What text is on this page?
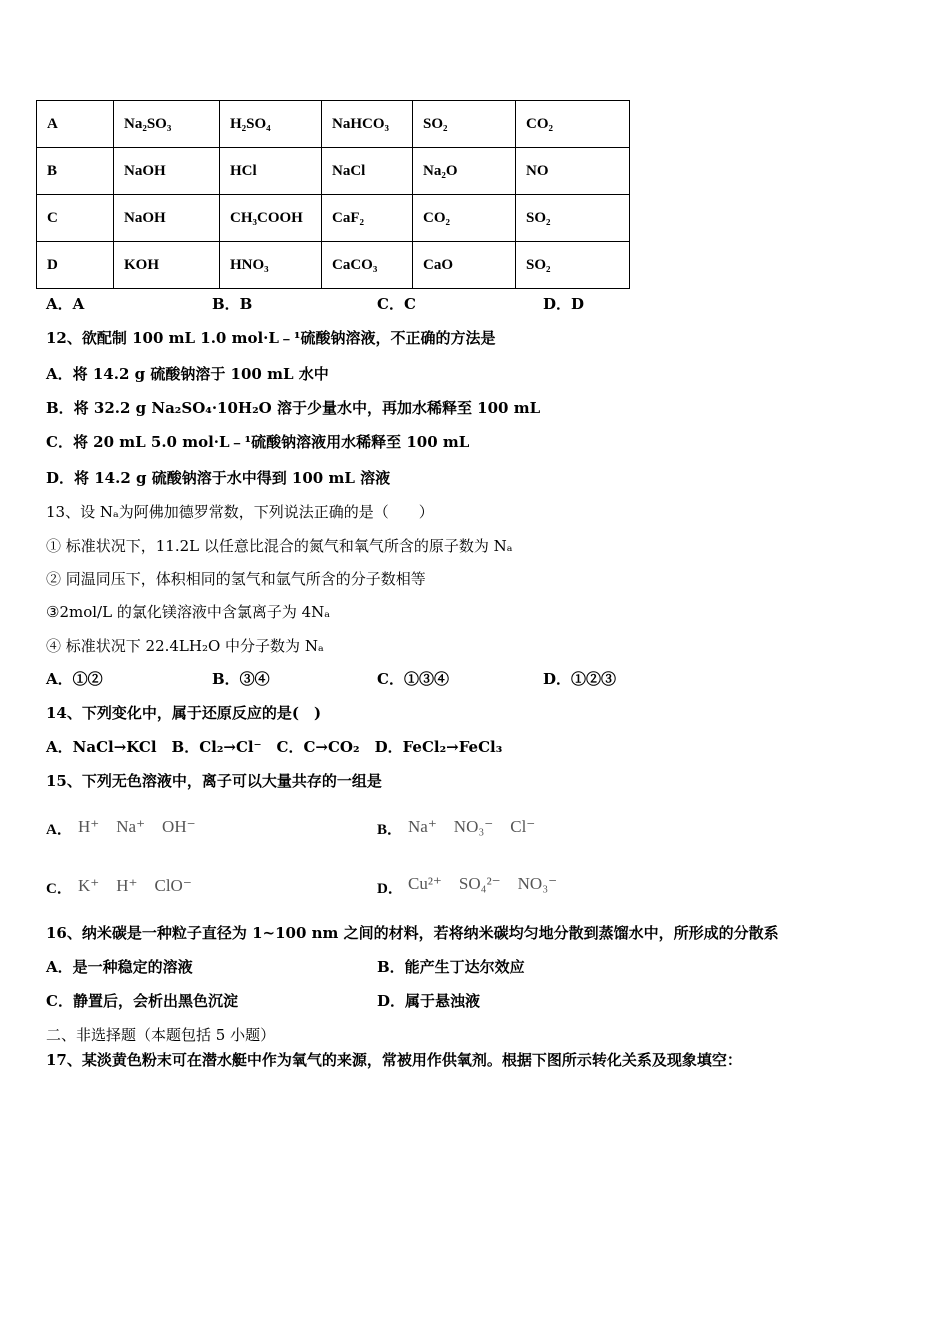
A	Na₂SO₃	H₂SO₄	NaHCO₃	SO₂	CO₂
B	NaOH	HCl	NaCl	Na₂O	NO
C	NaOH	CH₃COOH	CaF₂	CO₂	SO₂
D	KOH	HNO₃	CaCO₃	CaO	SO₂
A．A	B．B	C．C	D．D
12、欲配制 100 mL 1.0 mol·L﹣¹硫酸钠溶液，不正确的方法是
A．将 14.2 g 硫酸钠溶于 100 mL 水中
B．将 32.2 g Na₂SO₄·10H₂O 溶于少量水中，再加水稀释至 100 mL
C．将 20 mL 5.0 mol·L﹣¹硫酸钠溶液用水稀释至 100 mL
D．将 14.2 g 硫酸钠溶于水中得到 100 mL 溶液
13、设 Nₐ为阿佛加德罗常数，下列说法正确的是（　　）
① 标准状况下，11.2L 以任意比混合的氮气和氧气所含的原子数为 Nₐ
② 同温同压下，体积相同的氢气和氩气所含的分子数相等
③2mol/L 的氯化镁溶液中含氯离子为 4Nₐ
④ 标准状况下 22.4LH₂O 中分子数为 Nₐ
A．①②	B．③④	C．①③④	D．①②③
14、下列变化中，属于还原反应的是(　)
A．NaCl→KCl　B．Cl₂→Cl⁻　C．C→CO₂　D．FeCl₂→FeCl₃
15、下列无色溶液中，离子可以大量共存的一组是
A． H⁺　Na⁺　OH⁻	B． Na⁺　NO₃⁻　Cl⁻
C． K⁺　H⁺　ClO⁻	D． Cu²⁺　SO₄²⁻　NO₃⁻
16、纳米碳是一种粒子直径为 1~100 nm 之间的材料，若将纳米碳均匀地分散到蒸馏水中，所形成的分散系
A．是一种稳定的溶液	B．能产生丁达尔效应
C．静置后，会析出黑色沉淀	D．属于悬浊液
二、非选择题（本题包括 5 小题）
17、某淡黄色粉末可在潜水艇中作为氧气的来源，常被用作供氧剂。根据下图所示转化关系及现象填空：
